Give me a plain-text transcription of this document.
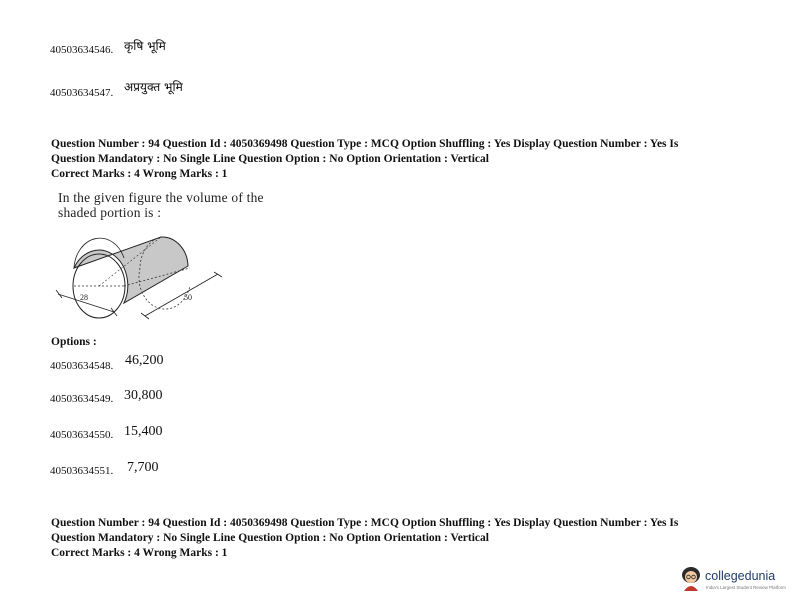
40503634546. कृषि भूमि
40503634547. अप्रयुक्त भूमि
Question Number : 94 Question Id : 4050369498 Question Type : MCQ Option Shuffling : Yes Display Question Number : Yes Is
Question Mandatory : No Single Line Question Option : No Option Orientation : Vertical
Correct Marks : 4 Wrong Marks : 1
In the given figure the volume of the
shaded portion is :
28	50
Options :
40503634548. 46,200
40503634549. 30,800
40503634550. 15,400
40503634551. 7,700
Question Number : 94 Question Id : 4050369498 Question Type : MCQ Option Shuffling : Yes Display Question Number : Yes Is
Question Mandatory : No Single Line Question Option : No Option Orientation : Vertical
Correct Marks : 4 Wrong Marks : 1
collegedunia
India's Largest Student Review Platform
